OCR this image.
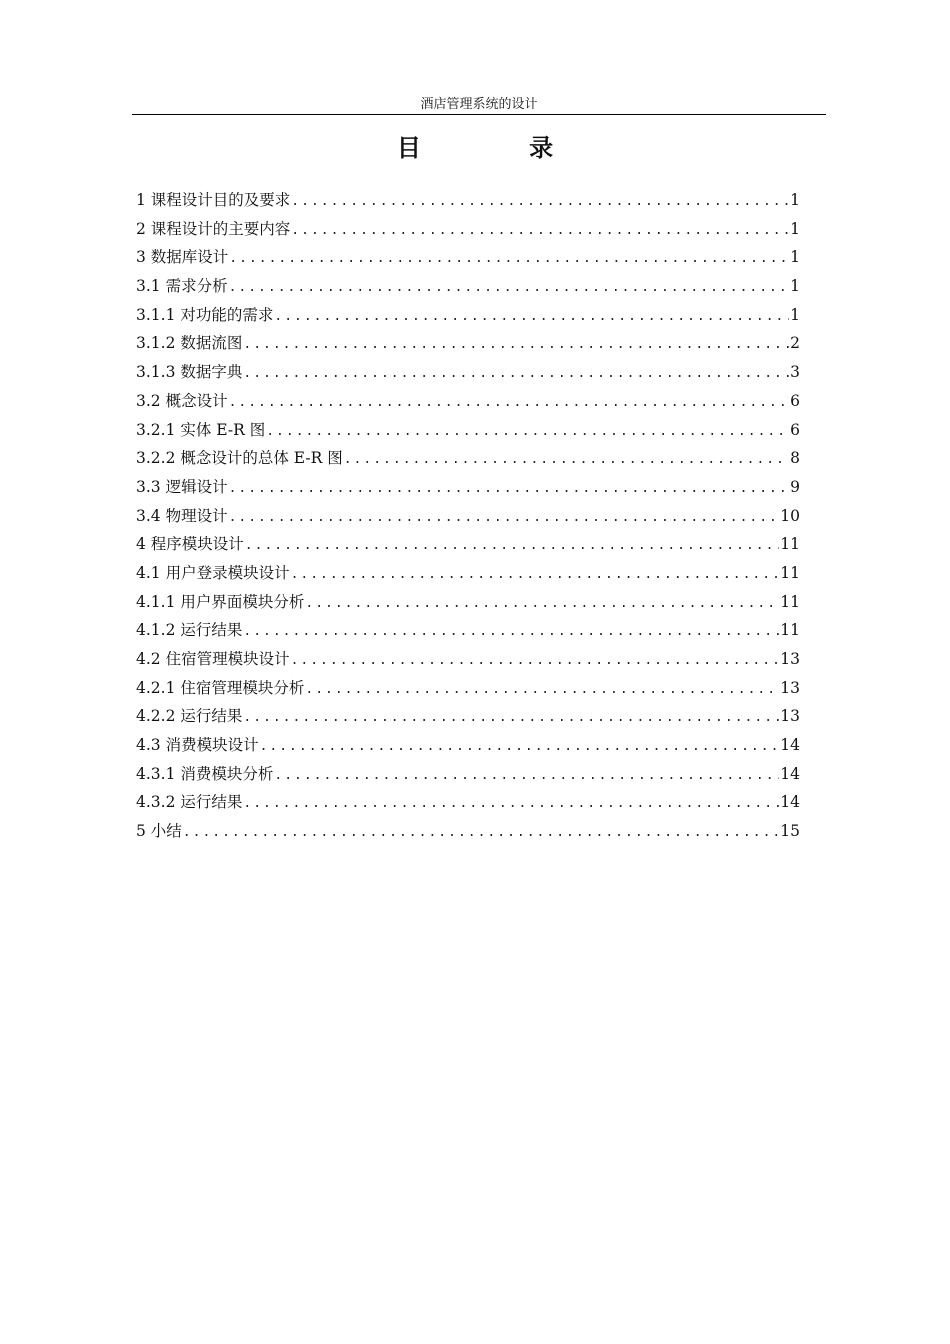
酒店管理系统的设计
目 录
1 课程设计目的及要求 .....	1
2 课程设计的主要内容 .....	1
3 数据库设计 .....	1
3.1 需求分析 .....	1
3.1.1 对功能的需求 .....	1
3.1.2 数据流图 .....	2
3.1.3 数据字典 .....	3
3.2 概念设计 .....	6
3.2.1 实体 E-R 图 .....	6
3.2.2 概念设计的总体 E-R 图 .....	8
3.3 逻辑设计 .....	9
3.4 物理设计 .....	10
4 程序模块设计 .....	11
4.1 用户登录模块设计 .....	11
4.1.1 用户界面模块分析 .....	11
4.1.2 运行结果 .....	11
4.2 住宿管理模块设计 .....	13
4.2.1 住宿管理模块分析 .....	13
4.2.2 运行结果 .....	13
4.3 消费模块设计 .....	14
4.3.1 消费模块分析 .....	14
4.3.2 运行结果 .....	14
5 小结 .....	15
